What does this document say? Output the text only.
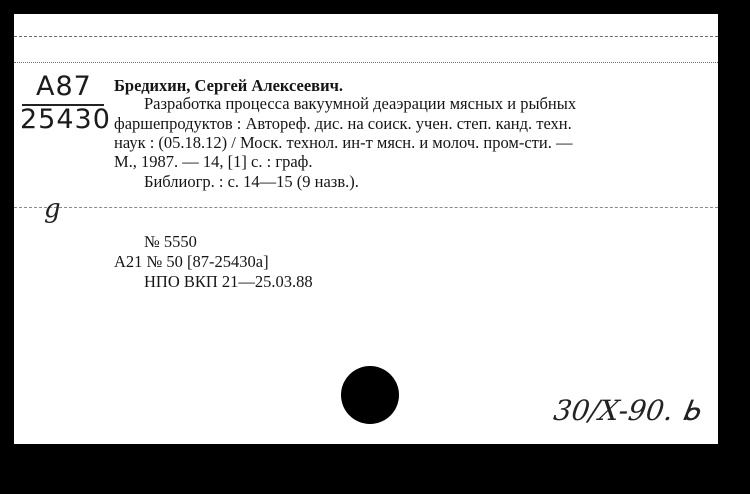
A87
25430
g
Бредихин, Сергей Алексеевич.
Разработка процесса вакуумной деаэрации мясных и рыбных
фаршепродуктов : Автореф. дис. на соиск. учен. степ. канд. техн.
наук : (05.18.12) / Моск. технол. ин-т мясн. и молоч. пром-сти. —
М., 1987. — 14, [1] с. : граф.
Библиогр. : с. 14—15 (9 назв.).
№ 5550
А21 № 50 [87-25430а]
НПО ВКП 21—25.03.88
30/Х-90. ᖯ
